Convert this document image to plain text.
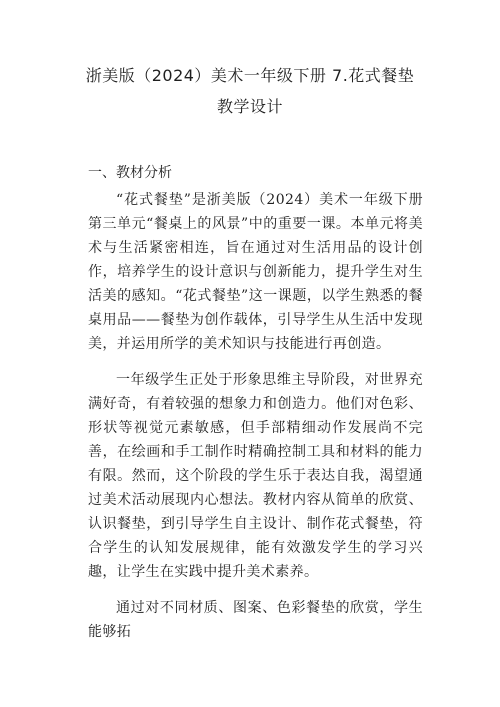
浙美版（2024）美术一年级下册 7.花式餐垫
教学设计
一、教材分析

“花式餐垫”是浙美版（2024）美术一年级下册第三单元“餐桌上的风景”中的重要一课。本单元将美术与生活紧密相连，旨在通过对生活用品的设计创作，培养学生的设计意识与创新能力，提升学生对生活美的感知。“花式餐垫”这一课题，以学生熟悉的餐桌用品——餐垫为创作载体，引导学生从生活中发现美，并运用所学的美术知识与技能进行再创造。

一年级学生正处于形象思维主导阶段，对世界充满好奇，有着较强的想象力和创造力。他们对色彩、形状等视觉元素敏感，但手部精细动作发展尚不完善，在绘画和手工制作时精确控制工具和材料的能力有限。然而，这个阶段的学生乐于表达自我，渴望通过美术活动展现内心想法。教材内容从简单的欣赏、认识餐垫，到引导学生自主设计、制作花式餐垫，符合学生的认知发展规律，能有效激发学生的学习兴趣，让学生在实践中提升美术素养。

通过对不同材质、图案、色彩餐垫的欣赏，学生能够拓
